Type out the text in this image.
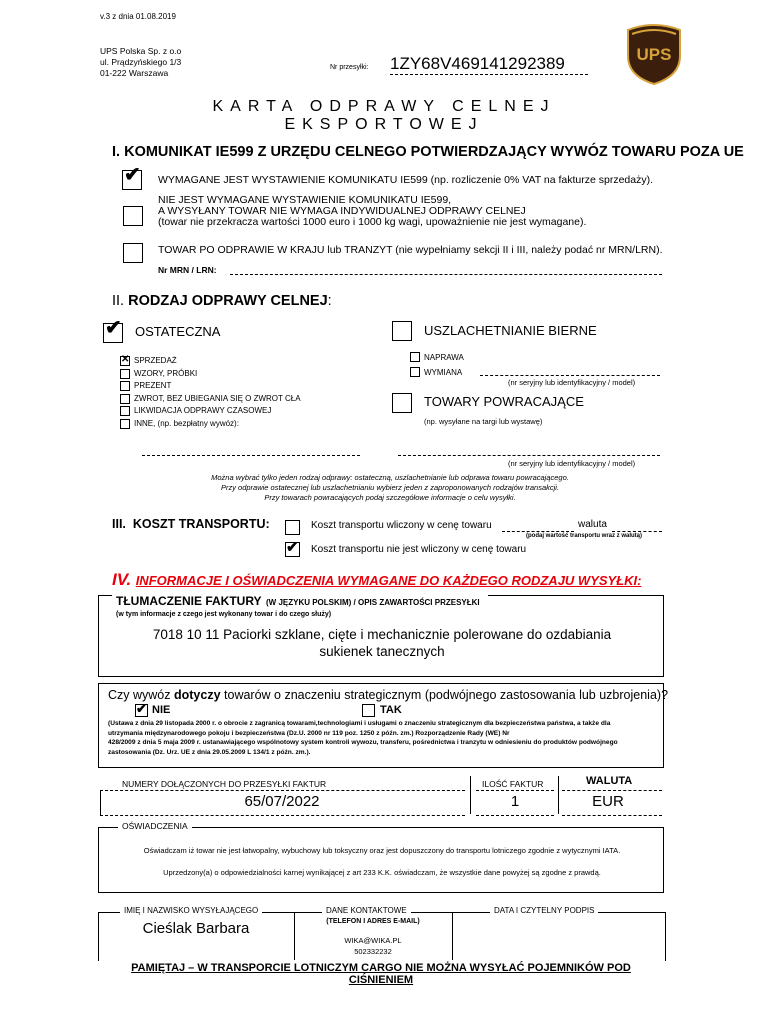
v.3 z dnia 01.08.2019
UPS Polska Sp. z o.o
ul. Prądzyńskiego 1/3
01-222 Warszawa
Nr przesyłki: 1ZY68V469141292389	UPS
KARTA ODPRAWY CELNEJ EKSPORTOWEJ
I. KOMUNIKAT IE599 Z URZĘDU CELNEGO POTWIERDZAJĄCY WYWÓZ TOWARU POZA UE
✔ WYMAGANE JEST WYSTAWIENIE KOMUNIKATU IE599 (np. rozliczenie 0% VAT na fakturze sprzedaży).
NIE JEST WYMAGANE WYSTAWIENIE KOMUNIKATU IE599,
A WYSYŁANY TOWAR NIE WYMAGA INDYWIDUALNEJ ODPRAWY CELNEJ
(towar nie przekracza wartości 1000 euro i 1000 kg wagi, upoważnienie nie jest wymagane).
TOWAR PO ODPRAWIE W KRAJU lub TRANZYT (nie wypełniamy sekcji II i III, należy podać nr MRN/LRN).
Nr MRN / LRN:
II. RODZAJ ODPRAWY CELNEJ:
✔ OSTATECZNA
✕ SPRZEDAŻ
WZORY, PRÓBKI
PREZENT
ZWROT, BEZ UBIEGANIA SIĘ O ZWROT CŁA
LIKWIDACJA ODPRAWY CZASOWEJ
INNE, (np. bezpłatny wywóz):
USZLACHETNIANIE BIERNE
NAPRAWA
WYMIANA
(nr seryjny lub identyfikacyjny / model)
TOWARY POWRACAJĄCE
(np. wysyłane na targi lub wystawę)
(nr seryjny lub identyfikacyjny / model)
Można wybrać tylko jeden rodzaj odprawy: ostateczną, uszlachetnianie lub odprawa towaru powracającego.
Przy odprawie ostatecznej lub uszlachetnianiu wybierz jeden z zaproponowanych rodzajów transakcji.
Przy towarach powracających podaj szczegółowe informacje o celu wysyłki.
III. KOSZT TRANSPORTU:	Koszt transportu wliczony w cenę towaru	waluta
(podaj wartość transportu wraz z walutą)
✔ Koszt transportu nie jest wliczony w cenę towaru
IV. INFORMACJE I OŚWIADCZENIA WYMAGANE DO KAŻDEGO RODZAJU WYSYŁKI:
TŁUMACZENIE FAKTURY (W JĘZYKU POLSKIM) / OPIS ZAWARTOŚCI PRZESYŁKI
(w tym informacje z czego jest wykonany towar i do czego służy)
7018 10 11 Paciorki szklane, cięte i mechanicznie polerowane do ozdabiania
sukienek tanecznych
Czy wywóz dotyczy towarów o znaczeniu strategicznym (podwójnego zastosowania lub uzbrojenia)?
✔ NIE	TAK
(Ustawa z dnia 29 listopada 2000 r. o obrocie z zagranicą towarami,technologiami i usługami o znaczeniu strategicznym dla bezpieczeństwa państwa, a także dla
utrzymania międzynarodowego pokoju i bezpieczeństwa (Dz.U. 2000 nr 119 poz. 1250 z późn. zm.) Rozporządzenie Rady (WE) Nr
428/2009 z dnia 5 maja 2009 r. ustanawiającego wspólnotowy system kontroli wywozu, transferu, pośrednictwa i tranzytu w odniesieniu do produktów podwójnego
zastosowania (Dz. Urz. UE z dnia 29.05.2009 L 134/1 z późn. zm.).
NUMERY DOŁĄCZONYCH DO PRZESYŁKI FAKTUR	ILOŚĆ FAKTUR	WALUTA
65/07/2022	1	EUR
OŚWIADCZENIA
Oświadczam iż towar nie jest łatwopalny, wybuchowy lub toksyczny oraz jest dopuszczony do transportu lotniczego zgodnie z wytycznymi IATA.
Uprzedzony(a) o odpowiedzialności karnej wynikającej z art 233 K.K. oświadczam, że wszystkie dane powyżej są zgodne z prawdą.
IMIĘ I NAZWISKO WYSYŁAJĄCEGO
Cieślak Barbara
DANE KONTAKTOWE
(TELEFON I ADRES E-MAIL)
WIKA@WIKA.PL
502332232
DATA I CZYTELNY PODPIS
PAMIĘTAJ – W TRANSPORCIE LOTNICZYM CARGO NIE MOŻNA WYSYŁAĆ POJEMNIKÓW POD CIŚNIENIEM
